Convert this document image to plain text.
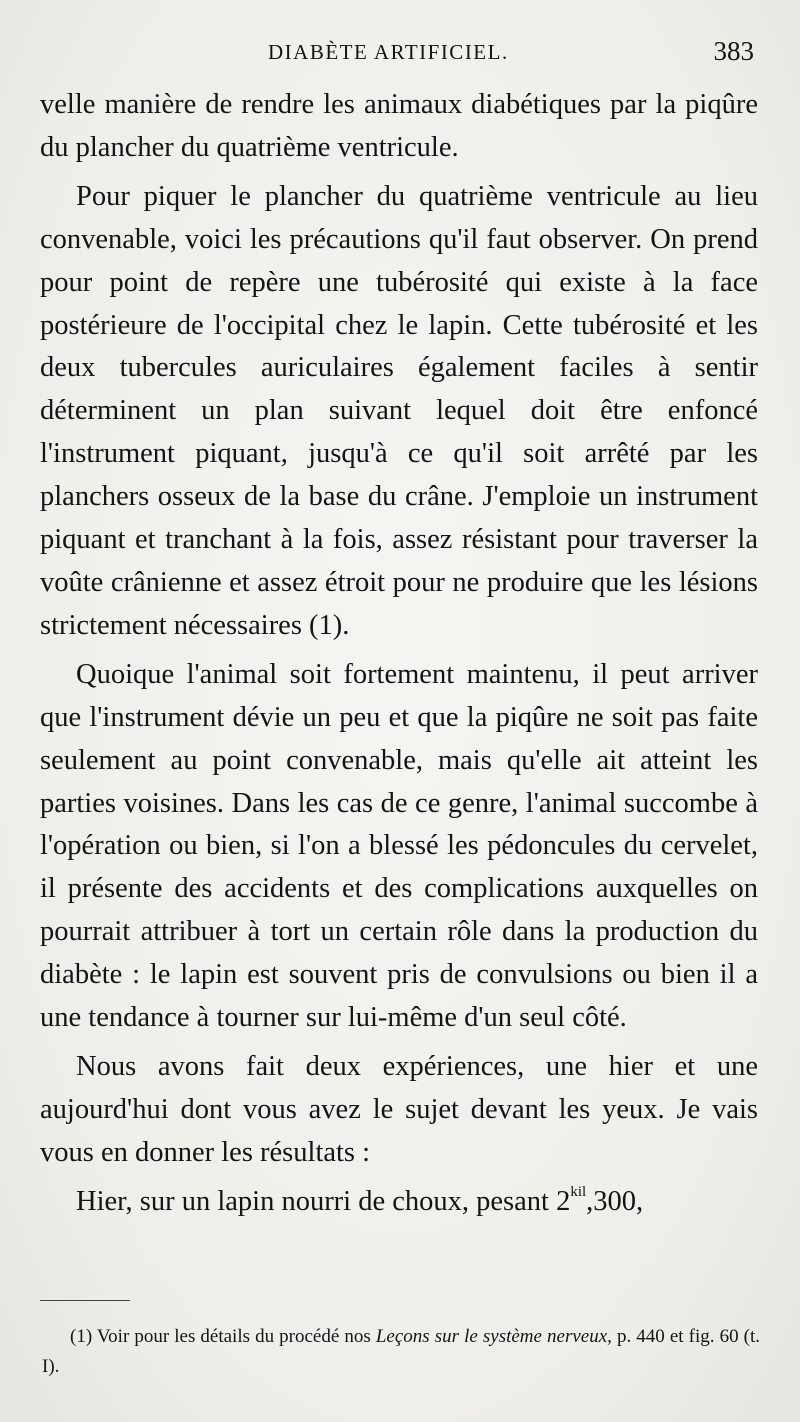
DIABÈTE ARTIFICIEL.	383

velle manière de rendre les animaux diabétiques par la piqûre du plancher du quatrième ventricule.

Pour piquer le plancher du quatrième ventricule au lieu convenable, voici les précautions qu'il faut observer. On prend pour point de repère une tubérosité qui existe à la face postérieure de l'occipital chez le lapin. Cette tubérosité et les deux tubercules auriculaires également faciles à sentir déterminent un plan suivant lequel doit être enfoncé l'instrument piquant, jusqu'à ce qu'il soit arrêté par les planchers osseux de la base du crâne. J'emploie un instrument piquant et tranchant à la fois, assez résistant pour traverser la voûte crânienne et assez étroit pour ne produire que les lésions strictement nécessaires (1).

Quoique l'animal soit fortement maintenu, il peut arriver que l'instrument dévie un peu et que la piqûre ne soit pas faite seulement au point convenable, mais qu'elle ait atteint les parties voisines. Dans les cas de ce genre, l'animal succombe à l'opération ou bien, si l'on a blessé les pédoncules du cervelet, il présente des accidents et des complications auxquelles on pourrait attribuer à tort un certain rôle dans la production du diabète : le lapin est souvent pris de convulsions ou bien il a une tendance à tourner sur lui-même d'un seul côté.

Nous avons fait deux expériences, une hier et une aujourd'hui dont vous avez le sujet devant les yeux. Je vais vous en donner les résultats :

Hier, sur un lapin nourri de choux, pesant $2^{kil},300$,

(1) Voir pour les détails du procédé nos Leçons sur le système nerveux, p. 440 et fig. 60 (t. I).
